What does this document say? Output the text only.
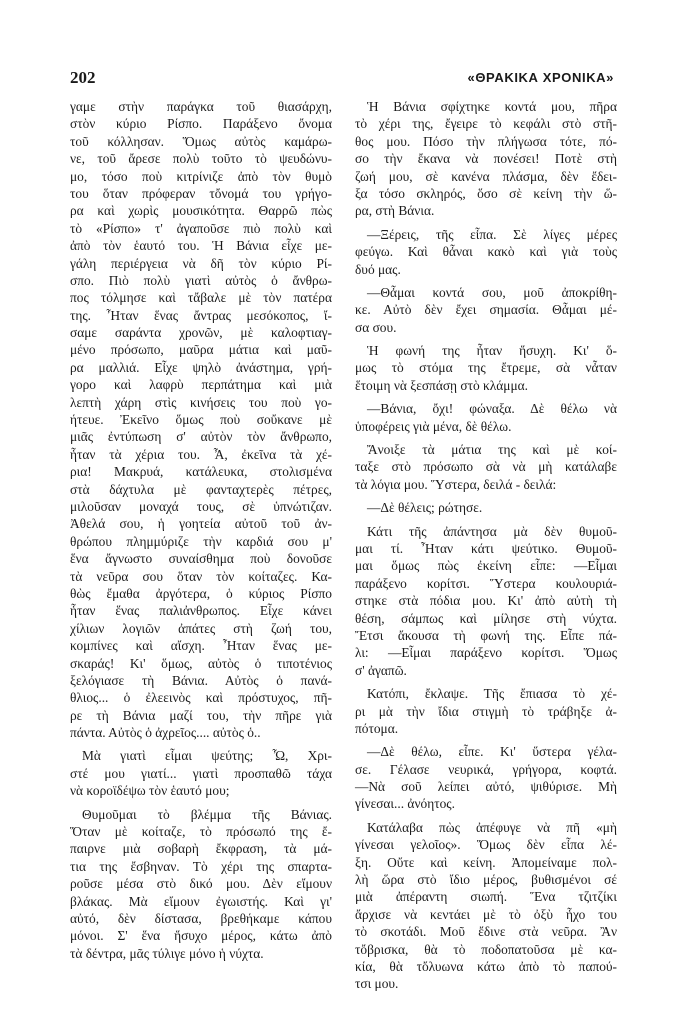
202	«ΘΡΑΚΙΚΑ ΧΡΟΝΙΚΑ»
γαμε στὴν παράγκα τοῦ θιασάρχη,
στὸν κύριο Ρίσπο. Παράξενο ὄνομα
τοῦ κόλλησαν. Ὅμως αὐτὸς καμάρω-
νε, τοῦ ἄρεσε πολὺ τοῦτο τὸ ψευδώνυ-
μο, τόσο ποὺ κιτρίνιζε ἀπὸ τὸν θυμὸ
του ὅταν πρόφεραν τὄνομά του γρήγο-
ρα καὶ χωρὶς μουσικότητα. Θαρρῶ πὼς
τὸ «Ρίσπο» τ' ἀγαποῦσε πιὸ πολὺ καὶ
ἀπὸ τὸν ἑαυτό του. Ἡ Βάνια εἶχε με-
γάλη περιέργεια νὰ δῆ τὸν κύριο Ρί-
σπο. Πιὸ πολὺ γιατὶ αὐτὸς ὁ ἄνθρω-
πος τόλμησε καὶ τἄβαλε μὲ τὸν πατέρα
της. Ἦταν ἕνας ἄντρας μεσόκοπος, ἴ-
σαμε σαράντα χρονῶν, μὲ καλοφτιαγ-
μένο πρόσωπο, μαῦρα μάτια καὶ μαῦ-
ρα μαλλιά. Εἶχε ψηλὸ ἀνάστημα, γρή-
γορο καὶ λαφρὺ περπάτημα καὶ μιὰ
λεπτὴ χάρη στὶς κινήσεις του ποὺ γο-
ήτευε. Ἐκεῖνο ὅμως ποὺ σοὔκανε μὲ
μιᾶς ἐντύπωση σ' αὐτὸν τὸν ἄνθρωπο,
ἦταν τὰ χέρια του. Ἆ, ἐκεῖνα τὰ χέ-
ρια! Μακρυά, κατάλευκα, στολισμένα
στὰ δάχτυλα μὲ φανταχτερὲς πέτρες,
μιλοῦσαν μοναχά τους, σὲ ὑπνώτιζαν.
Ἀθελά σου, ἡ γοητεία αὐτοῦ τοῦ ἀν-
θρώπου πλημμύριζε τὴν καρδιά σου μ'
ἕνα ἄγνωστο συναίσθημα ποὺ δονοῦσε
τὰ νεῦρα σου ὅταν τὸν κοίταζες. Κα-
θὼς ἔμαθα ἀργότερα, ὁ κύριος Ρίσπο
ἦταν ἕνας παλιἀνθρωπος. Εἶχε κάνει
χίλιων λογιῶν ἀπάτες στὴ ζωή του,
κομπίνες καὶ αἴσχη. Ἦταν ἕνας με-
σκαράς! Κι' ὅμως, αὐτὸς ὁ τιποτένιος
ξελόγιασε τὴ Βάνια. Αὐτὸς ὁ πανά-
θλιος... ὁ ἐλεεινὸς καὶ πρόστυχος, πῆ-
ρε τὴ Βάνια μαζί του, τὴν πῆρε γιὰ
πάντα. Αὐτὸς ὁ ἀχρεῖος.... αὐτὸς ὁ..
Μὰ γιατὶ εἶμαι ψεύτης; Ὦ, Χρι-
στέ μου γιατί... γιατὶ προσπαθῶ τάχα
νὰ κοροϊδέψω τὸν ἑαυτό μου;
Θυμοῦμαι τὸ βλέμμα τῆς Βάνιας.
Ὅταν μὲ κοίταζε, τὸ πρόσωπό της ἔ-
παιρνε μιὰ σοβαρὴ ἔκφραση, τὰ μά-
τια της ἔσβηναν. Τὸ χέρι της σπαρτα-
ροῦσε μέσα στὸ δικό μου. Δὲν εἴμουν
βλάκας. Μὰ εἴμουν ἐγωιστής. Καὶ γι'
αὐτό, δὲν δίστασα, βρεθήκαμε κάπου
μόνοι. Σ' ἕνα ἥσυχο μέρος, κάτω ἀπὸ
τὰ δέντρα, μᾶς τύλιγε μόνο ἡ νύχτα.
Ἡ Βάνια σφίχτηκε κοντά μου, πῆρα
τὸ χέρι της, ἔγειρε τὸ κεφάλι στὸ στῆ-
θος μου. Πόσο τὴν πλήγωσα τότε, πό-
σο τὴν ἔκανα νὰ πονέσει! Ποτὲ στὴ
ζωή μου, σὲ κανένα πλάσμα, δὲν ἔδει-
ξα τόσο σκληρός, ὅσο σὲ κείνη τὴν ὥ-
ρα, στὴ Βάνια.
—Ξέρεις, τῆς εἶπα. Σὲ λίγες μέρες
φεύγω. Καὶ θἆναι κακὸ καὶ γιὰ τοὺς
δυό μας.
—Θἆμαι κοντά σου, μοῦ ἀποκρίθη-
κε. Αὐτὸ δὲν ἔχει σημασία. Θἆμαι μέ-
σα σου.
Ἡ φωνή της ἦταν ἥσυχη. Κι' ὅ-
μως τὸ στόμα της ἔτρεμε, σὰ νἆταν
ἕτοιμη νὰ ξεσπάσῃ στὸ κλάμμα.
—Βάνια, ὄχι! φώναξα. Δὲ θέλω νὰ
ὑποφέρεις γιὰ μένα, δὲ θέλω.
Ἄνοιξε τὰ μάτια της καὶ μὲ κοί-
ταξε στὸ πρόσωπο σὰ νὰ μὴ κατάλαβε
τὰ λόγια μου. Ὕστερα, δειλά - δειλά:
—Δὲ θέλεις; ρώτησε.
Κάτι τῆς ἀπάντησα μὰ δὲν θυμοῦ-
μαι τί. Ἦταν κάτι ψεύτικο. Θυμοῦ-
μαι ὅμως πὼς ἐκείνη εἶπε: —Εἶμαι
παράξενο κορίτσι. Ὕστερα κουλουριά-
στηκε στὰ πόδια μου. Κι' ἀπὸ αὐτὴ τὴ
θέση, σάμπως καὶ μίλησε στὴ νύχτα.
Ἔτσι ἄκουσα τὴ φωνή της. Εἶπε πά-
λι: —Εἶμαι παράξενο κορίτσι. Ὅμως
σ' ἀγαπῶ.
Κατόπι, ἔκλαψε. Τῆς ἔπιασα τὸ χέ-
ρι μὰ τὴν ἴδια στιγμὴ τὸ τράβηξε ἀ-
πότομα.
—Δὲ θέλω, εἶπε. Κι' ὕστερα γέλα-
σε. Γέλασε νευρικά, γρήγορα, κοφτά.
—Νὰ σοῦ λείπει αὐτό, ψιθύρισε. Μὴ
γίνεσαι... ἀνόητος.
Κατάλαβα πὼς ἀπέφυγε νὰ πῆ «μὴ
γίνεσαι γελοῖος». Ὅμως δὲν εἶπα λέ-
ξη. Οὔτε καὶ κείνη. Ἀπομείναμε πολ-
λὴ ὥρα στὸ ἴδιο μέρος, βυθισμένοι σέ
μιὰ ἀπέραντη σιωπή. Ἕνα τζιτζίκι
ἄρχισε νὰ κεντάει μὲ τὸ ὀξὺ ἦχο του
τὸ σκοτάδι. Μοῦ ἔδινε στὰ νεῦρα. Ἂν
τὄβρισκα, θὰ τὸ ποδοπατοῦσα μὲ κα-
κία, θὰ τὄλυωνα κάτω ἀπὸ τὸ παπού-
τσι μου.
